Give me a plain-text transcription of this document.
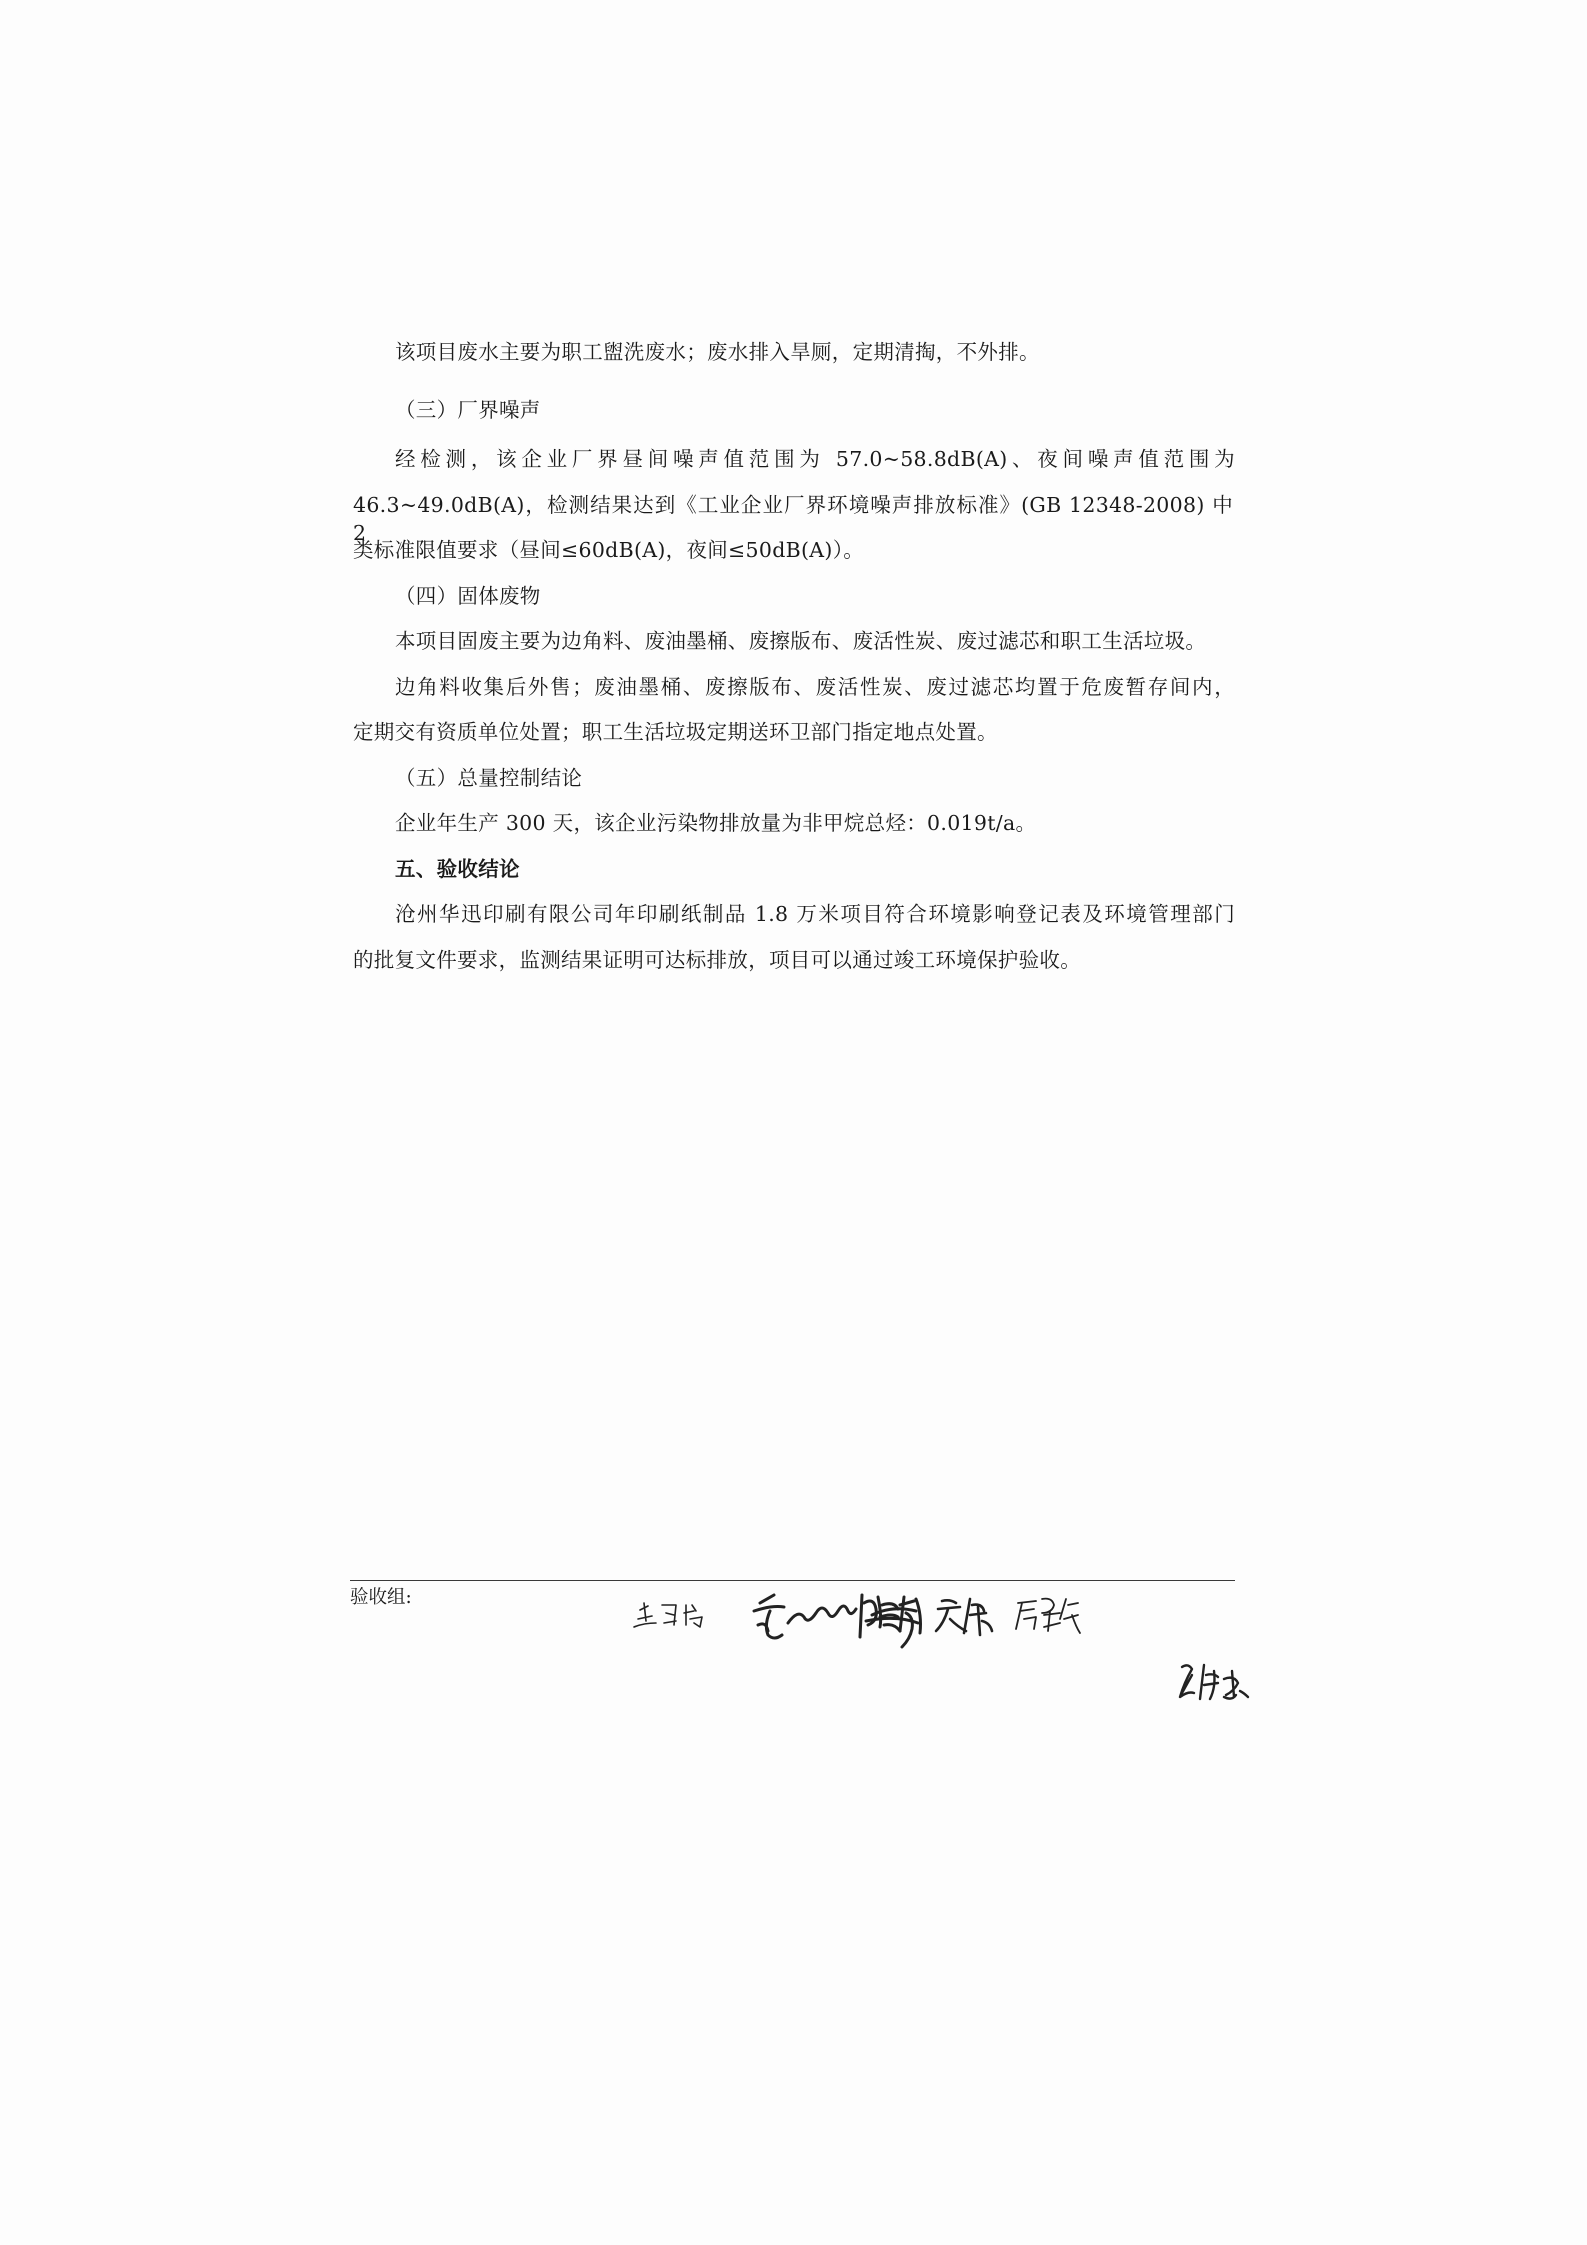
该项目废水主要为职工盥洗废水；废水排入旱厕，定期清掏，不外排。
（三）厂界噪声
经检测，该企业厂界昼间噪声值范围为 57.0~58.8dB(A)、夜间噪声值范围为
46.3~49.0dB(A)，检测结果达到《工业企业厂界环境噪声排放标准》(GB 12348-2008) 中 2
类标准限值要求（昼间≤60dB(A)，夜间≤50dB(A)）。
（四）固体废物
本项目固废主要为边角料、废油墨桶、废擦版布、废活性炭、废过滤芯和职工生活垃圾。
边角料收集后外售；废油墨桶、废擦版布、废活性炭、废过滤芯均置于危废暂存间内，
定期交有资质单位处置；职工生活垃圾定期送环卫部门指定地点处置。
（五）总量控制结论
企业年生产 300 天，该企业污染物排放量为非甲烷总烃：0.019t/a。
五、验收结论
沧州华迅印刷有限公司年印刷纸制品 1.8 万米项目符合环境影响登记表及环境管理部门
的批复文件要求，监测结果证明可达标排放，项目可以通过竣工环境保护验收。
验收组:
